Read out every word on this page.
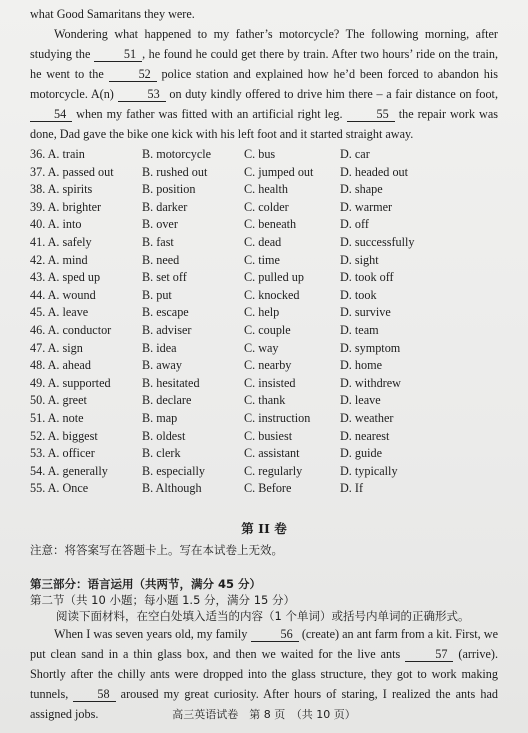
what Good Samaritans they were.

Wondering what happened to my father’s motorcycle? The following morning, after studying the 51 , he found he could get there by train. After two hours’ ride on the train, he went to the 52 police station and explained how he’d been forced to abandon his motorcycle. A(n) 53 on duty kindly offered to drive him there – a fair distance on foot, 54 when my father was fitted with an artificial right leg. 55 the repair work was done, Dad gave the bike one kick with his left foot and it started straight away.

36. A. train	B. motorcycle	C. bus	D. car
37. A. passed out	B. rushed out	C. jumped out	D. headed out
38. A. spirits	B. position	C. health	D. shape
39. A. brighter	B. darker	C. colder	D. warmer
40. A. into	B. over	C. beneath	D. off
41. A. safely	B. fast	C. dead	D. successfully
42. A. mind	B. need	C. time	D. sight
43. A. sped up	B. set off	C. pulled up	D. took off
44. A. wound	B. put	C. knocked	D. took
45. A. leave	B. escape	C. help	D. survive
46. A. conductor	B. adviser	C. couple	D. team
47. A. sign	B. idea	C. way	D. symptom
48. A. ahead	B. away	C. nearby	D. home
49. A. supported	B. hesitated	C. insisted	D. withdrew
50. A. greet	B. declare	C. thank	D. leave
51. A. note	B. map	C. instruction	D. weather
52. A. biggest	B. oldest	C. busiest	D. nearest
53. A. officer	B. clerk	C. assistant	D. guide
54. A. generally	B. especially	C. regularly	D. typically
55. A. Once	B. Although	C. Before	D. If
第 II 卷
注意：将答案写在答题卡上。写在本试卷上无效。
第三部分：语言运用（共两节，满分 45 分）
第二节（共 10 小题；每小题 1.5 分，满分 15 分）
阅读下面材料，在空白处填入适当的内容（1 个单词）或括号内单词的正确形式。

When I was seven years old, my family 56 (create) an ant farm from a kit. First, we put clean sand in a thin glass box, and then we waited for the live ants 57 (arrive). Shortly after the chilly ants were dropped into the glass structure, they got to work making tunnels, 58 aroused my great curiosity. After hours of staring, I realized the ants had assigned jobs.	高三英语试卷　第 8 页　（共 10 页）
